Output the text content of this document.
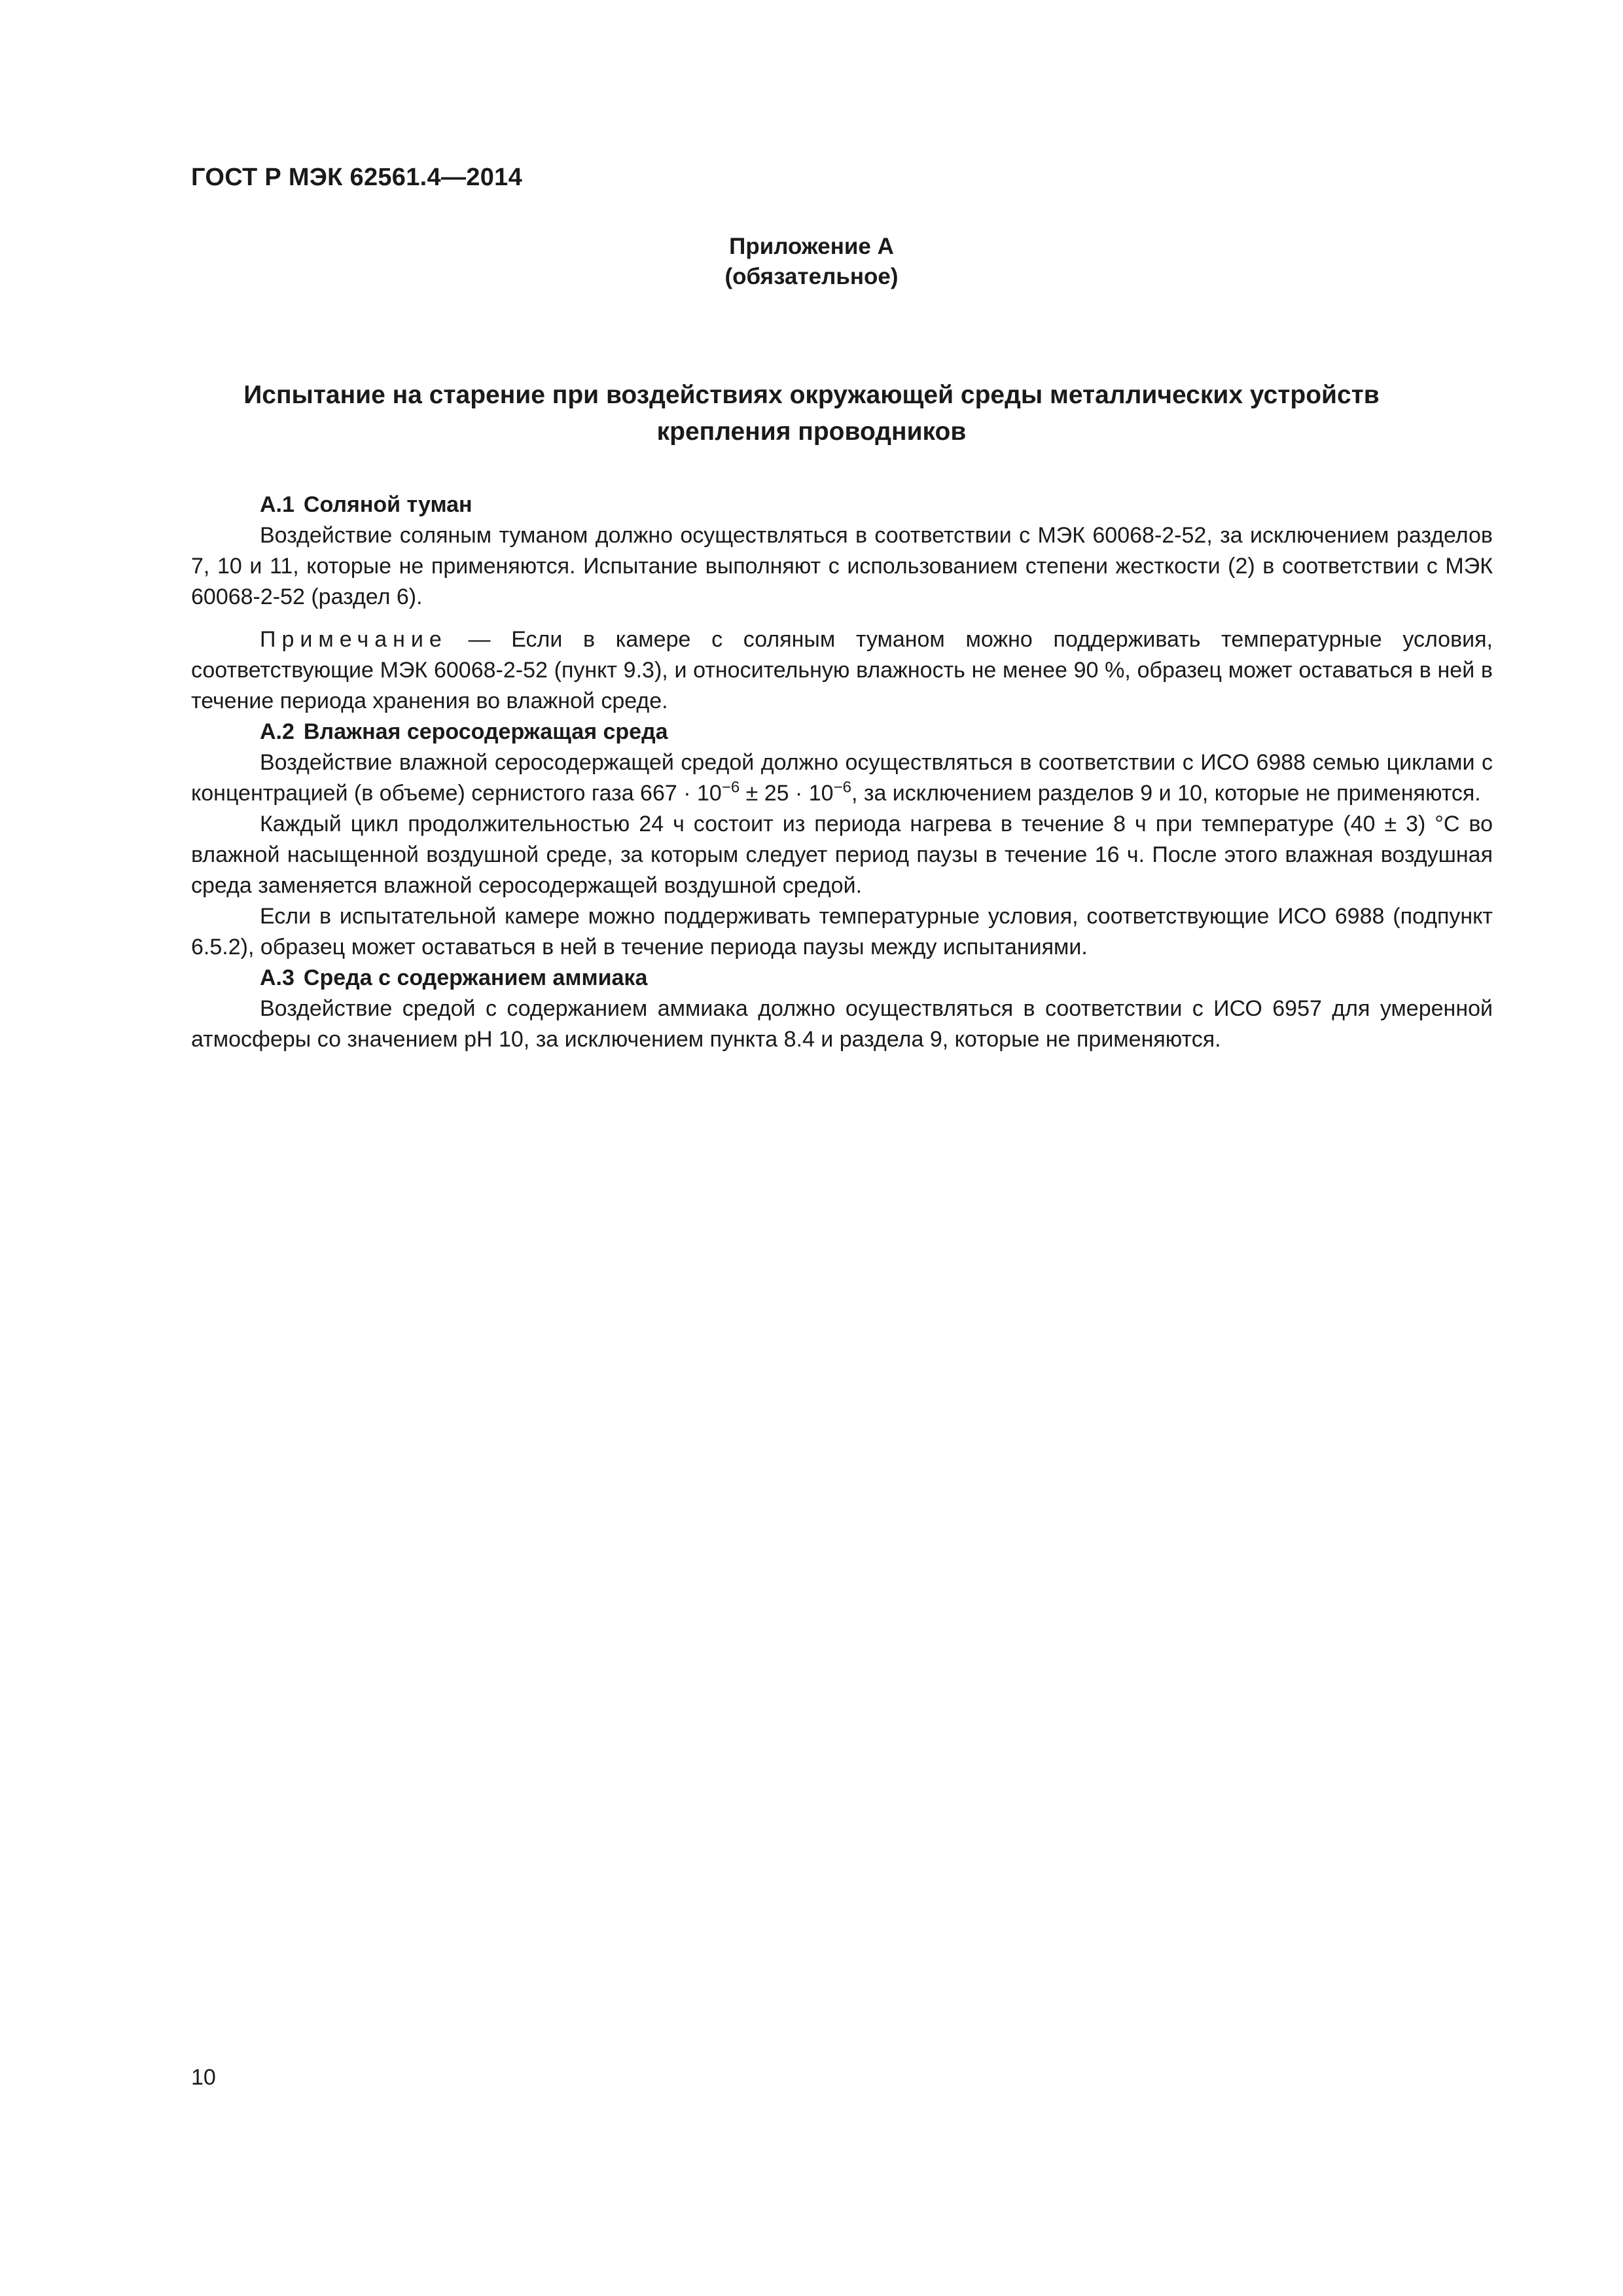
ГОСТ Р МЭК 62561.4—2014
Приложение А
(обязательное)
Испытание на старение при воздействиях окружающей среды металлических устройств крепления проводников
А.1 Соляной туман

Воздействие соляным туманом должно осуществляться в соответствии с МЭК 60068-2-52, за исключением разделов 7, 10 и 11, которые не применяются. Испытание выполняют с использованием степени жесткости (2) в соответствии с МЭК 60068-2-52 (раздел 6).

Примечание — Если в камере с соляным туманом можно поддерживать температурные условия, соответствующие МЭК 60068-2-52 (пункт 9.3), и относительную влажность не менее 90 %, образец может оставаться в ней в течение периода хранения во влажной среде.

А.2 Влажная серосодержащая среда

Воздействие влажной серосодержащей средой должно осуществляться в соответствии с ИСО 6988 семью циклами с концентрацией (в объеме) сернистого газа $667 \cdot 10^{-6} \pm 25 \cdot 10^{-6}$, за исключением разделов 9 и 10, которые не применяются.

Каждый цикл продолжительностью 24 ч состоит из периода нагрева в течение 8 ч при температуре (40 ± 3) °С во влажной насыщенной воздушной среде, за которым следует период паузы в течение 16 ч. После этого влажная воздушная среда заменяется влажной серосодержащей воздушной средой.

Если в испытательной камере можно поддерживать температурные условия, соответствующие ИСО 6988 (подпункт 6.5.2), образец может оставаться в ней в течение периода паузы между испытаниями.

А.3 Среда с содержанием аммиака

Воздействие средой с содержанием аммиака должно осуществляться в соответствии с ИСО 6957 для умеренной атмосферы со значением pH 10, за исключением пункта 8.4 и раздела 9, которые не применяются.

10
